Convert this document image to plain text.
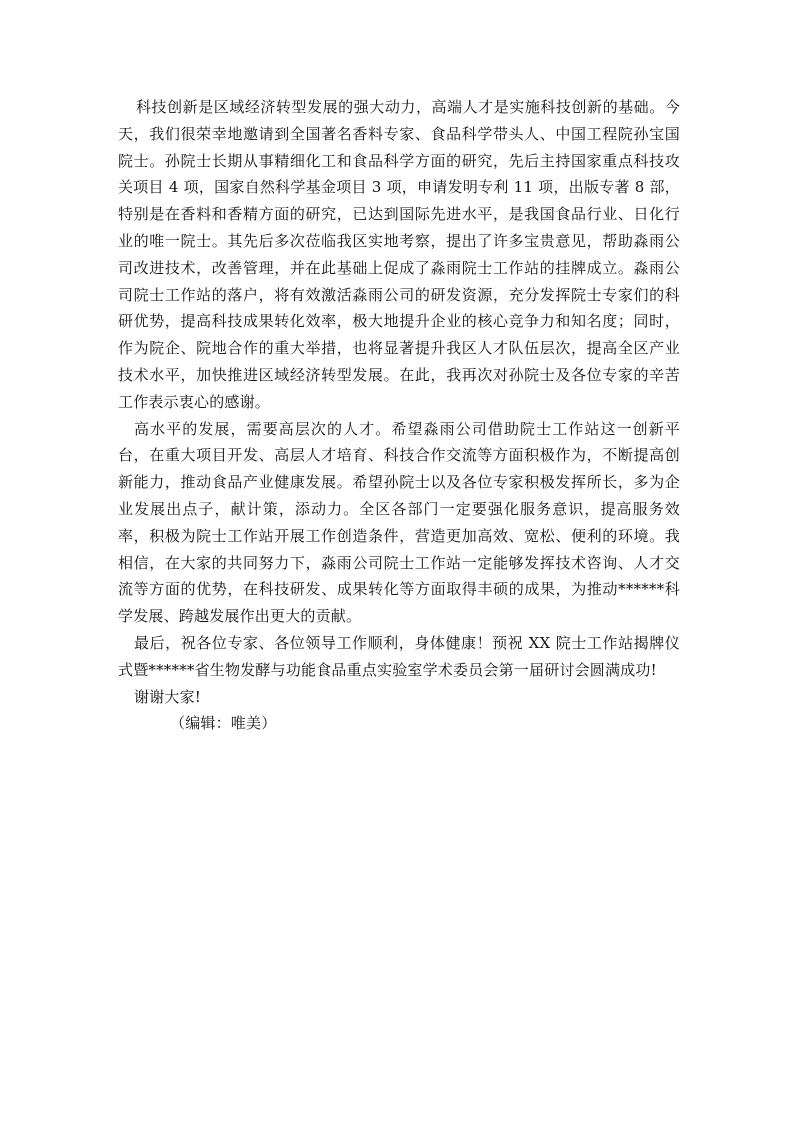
科技创新是区域经济转型发展的强大动力，高端人才是实施科技创新的基础。今天，我们很荣幸地邀请到全国著名香料专家、食品科学带头人、中国工程院孙宝国院士。孙院士长期从事精细化工和食品科学方面的研究，先后主持国家重点科技攻关项目 4 项，国家自然科学基金项目 3 项，申请发明专利 11 项，出版专著 8 部，特别是在香料和香精方面的研究，已达到国际先进水平，是我国食品行业、日化行业的唯一院士。其先后多次莅临我区实地考察，提出了许多宝贵意见，帮助淼雨公司改进技术，改善管理，并在此基础上促成了淼雨院士工作站的挂牌成立。淼雨公司院士工作站的落户，将有效激活淼雨公司的研发资源，充分发挥院士专家们的科研优势，提高科技成果转化效率，极大地提升企业的核心竞争力和知名度；同时，作为院企、院地合作的重大举措，也将显著提升我区人才队伍层次，提高全区产业技术水平，加快推进区域经济转型发展。在此，我再次对孙院士及各位专家的辛苦工作表示衷心的感谢。

高水平的发展，需要高层次的人才。希望淼雨公司借助院士工作站这一创新平台，在重大项目开发、高层人才培育、科技合作交流等方面积极作为，不断提高创新能力，推动食品产业健康发展。希望孙院士以及各位专家积极发挥所长，多为企业发展出点子，献计策，添动力。全区各部门一定要强化服务意识，提高服务效率，积极为院士工作站开展工作创造条件，营造更加高效、宽松、便利的环境。我相信，在大家的共同努力下，淼雨公司院士工作站一定能够发挥技术咨询、人才交流等方面的优势，在科技研发、成果转化等方面取得丰硕的成果，为推动******科学发展、跨越发展作出更大的贡献。

最后，祝各位专家、各位领导工作顺利，身体健康！预祝 XX 院士工作站揭牌仪式暨******省生物发酵与功能食品重点实验室学术委员会第一届研讨会圆满成功!

谢谢大家!

（编辑：唯美）
